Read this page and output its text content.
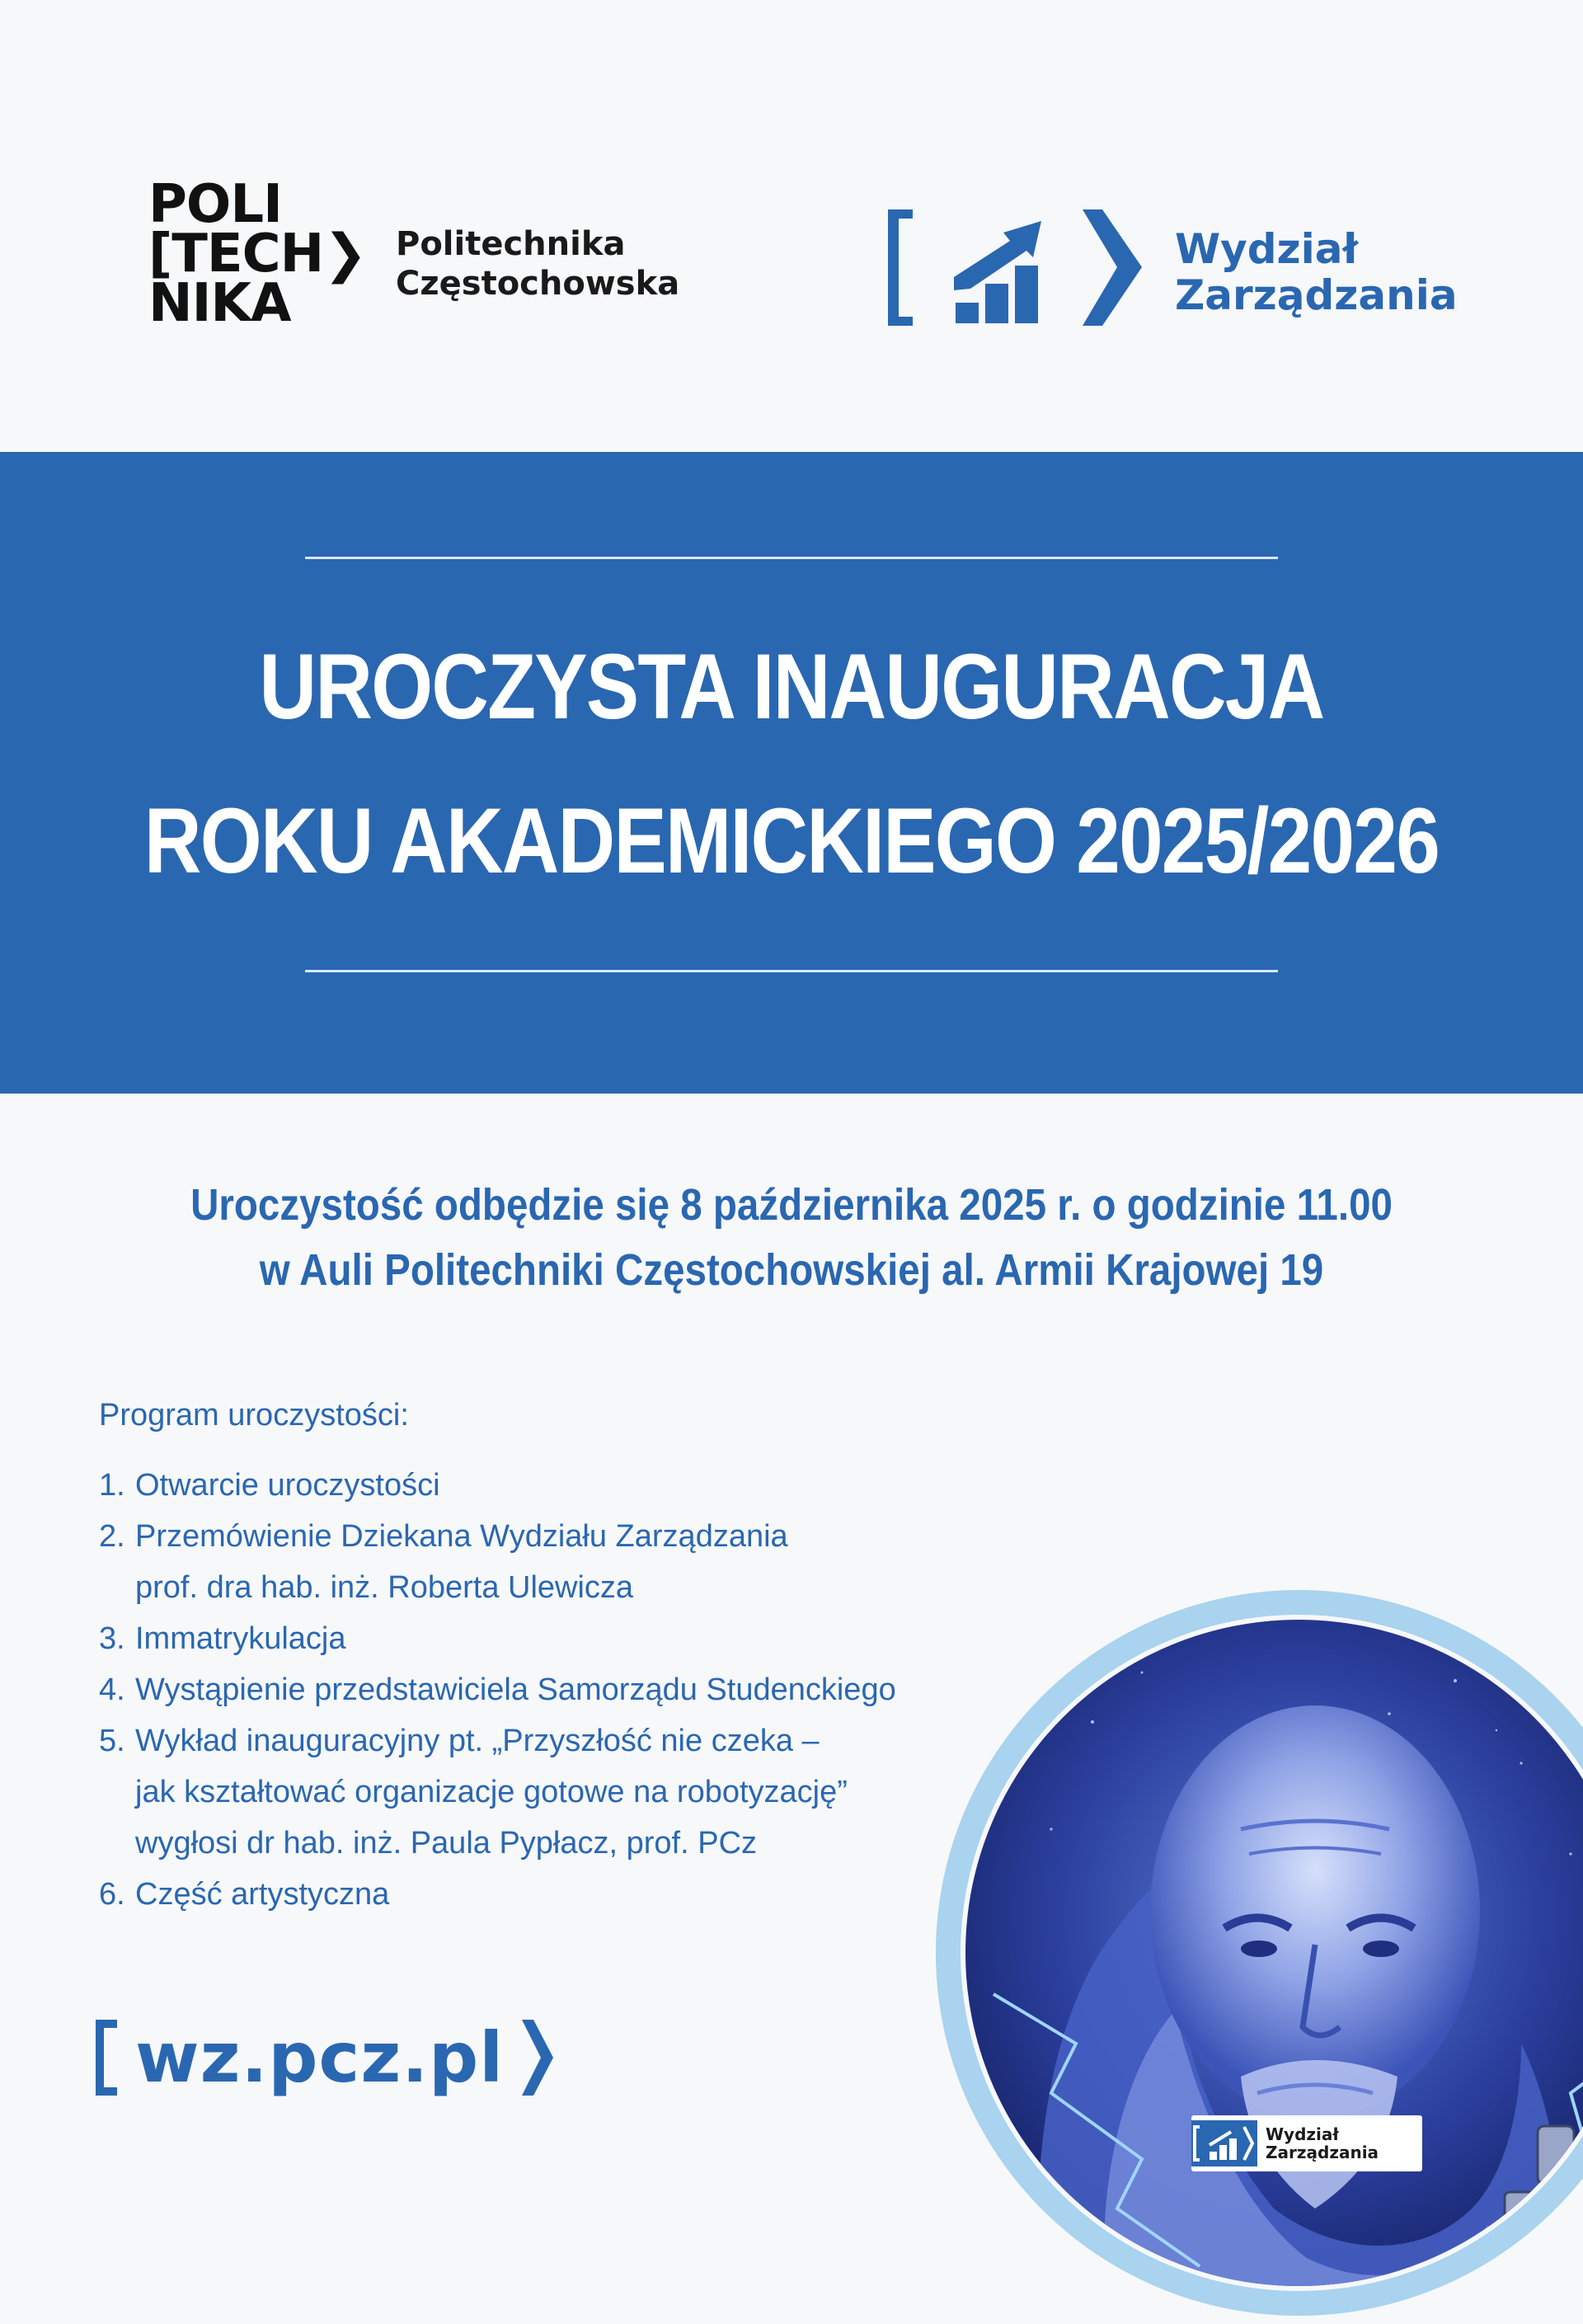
POLI
[TECH❯
NIKA
Politechnika
Częstochowska
Wydział
Zarządzania
UROCZYSTA INAUGURACJA
ROKU AKADEMICKIEGO 2025/2026
Uroczystość odbędzie się 8 października 2025 r. o godzinie 11.00
w Auli Politechniki Częstochowskiej al. Armii Krajowej 19
Program uroczystości:
1. Otwarcie uroczystości
2. Przemówienie Dziekana Wydziału Zarządzania
prof. dra hab. inż. Roberta Ulewicza
3. Immatrykulacja
4. Wystąpienie przedstawiciela Samorządu Studenckiego
5. Wykład inauguracyjny pt. „Przyszłość nie czeka –
jak kształtować organizacje gotowe na robotyzację”
wygłosi dr hab. inż. Paula Pypłacz, prof. PCz
6. Część artystyczna
wz.pcz.pl
Wydział
Zarządzania
